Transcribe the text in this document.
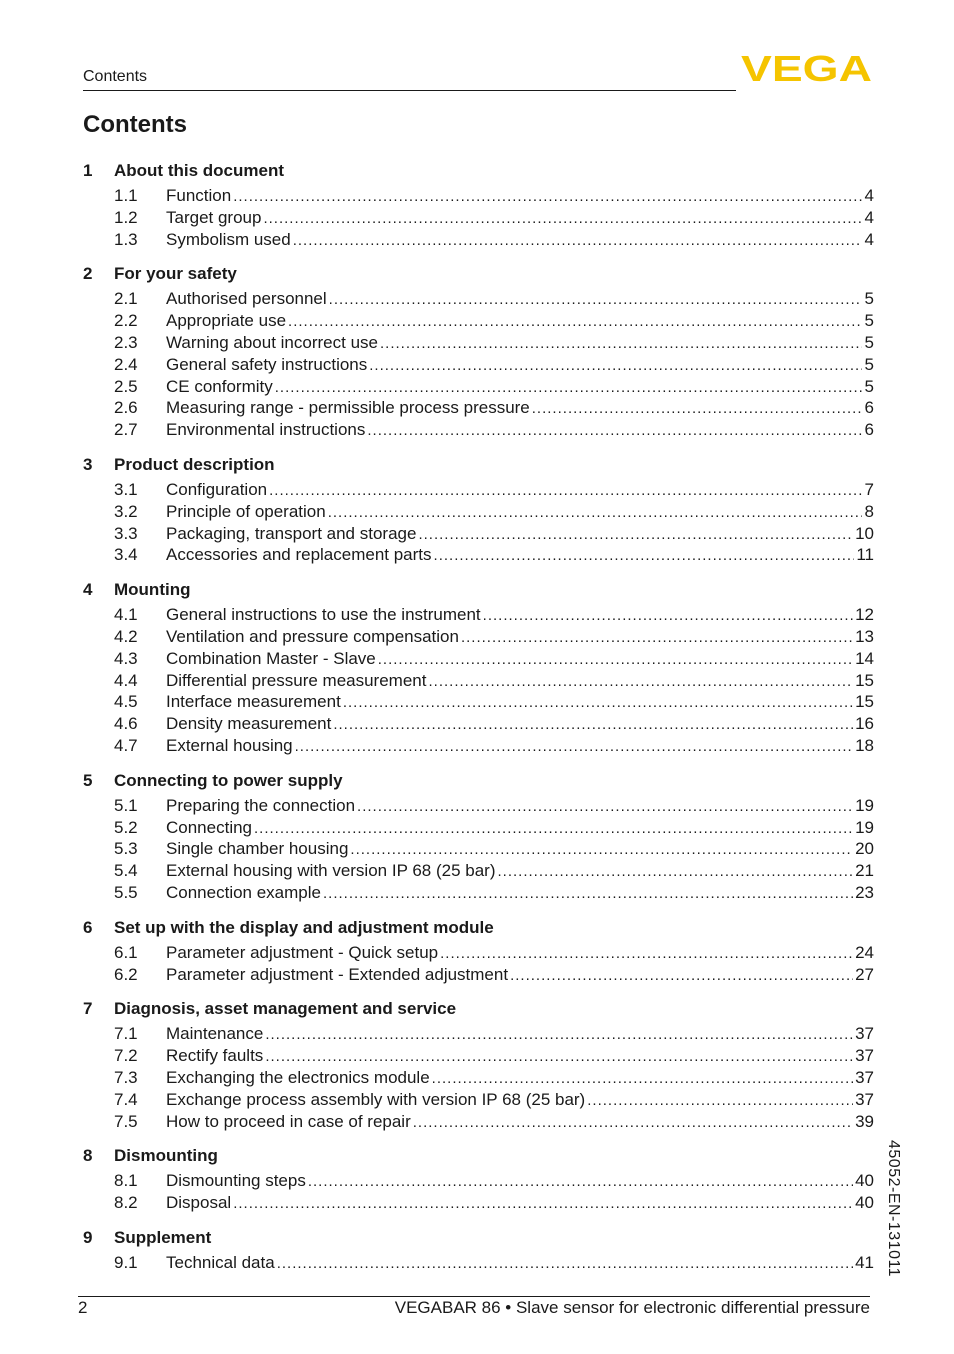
Contents	VEGA
Contents
1	About this document
1.1	Function .....	4
1.2	Target group .....	4
1.3	Symbolism used .....	4
2	For your safety
2.1	Authorised personnel .....	5
2.2	Appropriate use .....	5
2.3	Warning about incorrect use .....	5
2.4	General safety instructions .....	5
2.5	CE conformity .....	5
2.6	Measuring range - permissible process pressure .....	6
2.7	Environmental instructions .....	6
3	Product description
3.1	Configuration .....	7
3.2	Principle of operation .....	8
3.3	Packaging, transport and storage .....	10
3.4	Accessories and replacement parts .....	11
4	Mounting
4.1	General instructions to use the instrument .....	12
4.2	Ventilation and pressure compensation .....	13
4.3	Combination Master - Slave .....	14
4.4	Differential pressure measurement .....	15
4.5	Interface measurement .....	15
4.6	Density measurement .....	16
4.7	External housing .....	18
5	Connecting to power supply
5.1	Preparing the connection .....	19
5.2	Connecting .....	19
5.3	Single chamber housing .....	20
5.4	External housing with version IP 68 (25 bar) .....	21
5.5	Connection example .....	23
6	Set up with the display and adjustment module
6.1	Parameter adjustment - Quick setup .....	24
6.2	Parameter adjustment - Extended adjustment .....	27
7	Diagnosis, asset management and service
7.1	Maintenance .....	37
7.2	Rectify faults .....	37
7.3	Exchanging the electronics module .....	37
7.4	Exchange process assembly with version IP 68 (25 bar) .....	37
7.5	How to proceed in case of repair .....	39
8	Dismounting
8.1	Dismounting steps .....	40
8.2	Disposal .....	40
9	Supplement
9.1	Technical data .....	41 45052-EN-131011
2	VEGABAR 86 • Slave sensor for electronic differential pressure
